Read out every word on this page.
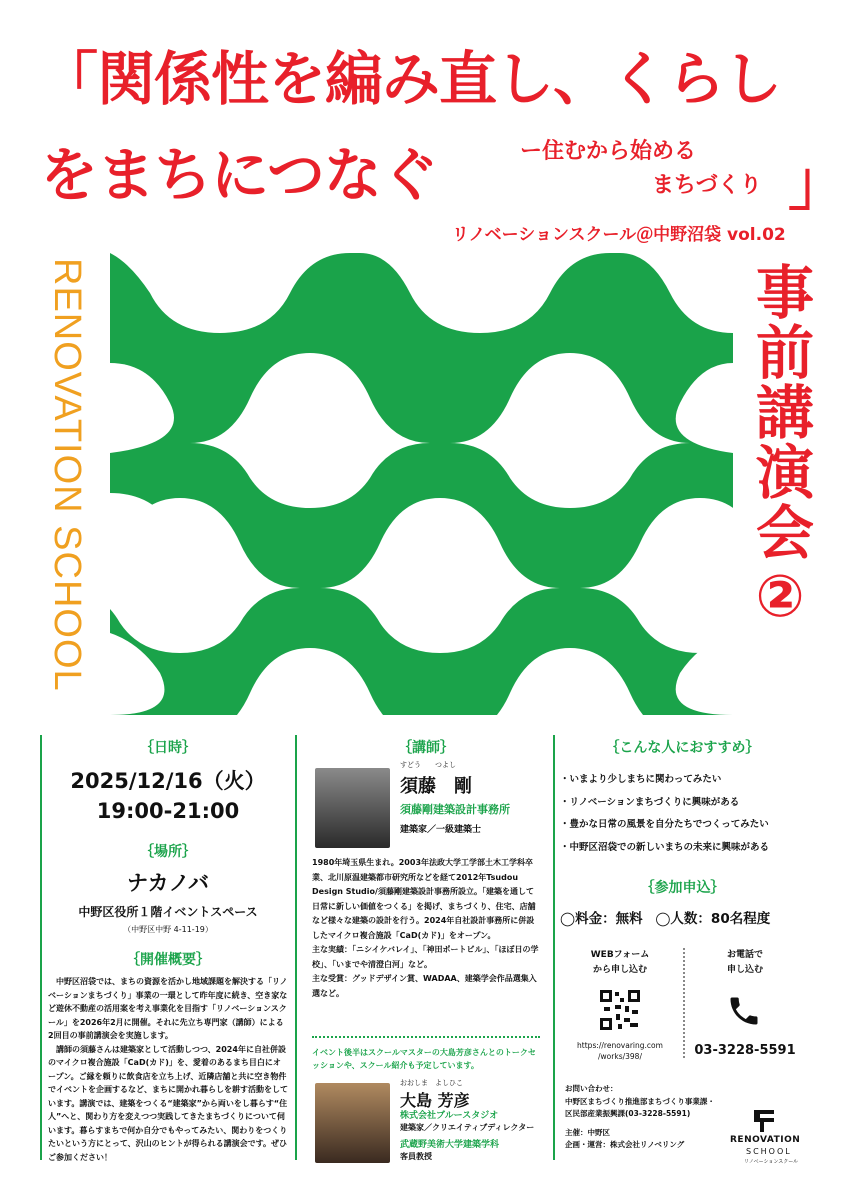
「関係性を編み直し、くらし
をまちにつなぐ	ー住むから始める
まちづくり 」
リノベーションスクール＠中野沼袋 vol.02
RENOVATION SCHOOL	事前講演会②
{{numa}}
｛日時｝
2025/12/16（火）
19:00-21:00
｛場所｝
ナカノバ
中野区役所１階イベントスペース
（中野区中野 4-11-19）
｛開催概要｝
中野区沼袋では、まちの資源を活かし地域課題を解決する「リノベーションまちづくり」事業の一環として昨年度に続き、空き家など遊休不動産の活用案を考え事業化を目指す「リノベーションスクール」を2026年2月に開催。それに先立ち専門家（講師）による2回目の事前講演会を実施します。
講師の須藤さんは建築家として活動しつつ、2024年に自社併設のマイクロ複合施設「CaD(カド)」を、愛着のあるまち目白にオープン。ご縁を頼りに飲食店を立ち上げ、近隣店舗と共に空き物件でイベントを企画するなど、まちに開かれ暮らしを耕す活動をしています。講演では、建築をつくる“建築家”から両いをし暮らす“住人”へと、関わり方を変えつつ実践してきたまちづくりについて伺います。暮らすまちで何か自分でもやってみたい、関わりをつくりたいという方にとって、沢山のヒントが得られる講演会です。ぜひご参加ください！
｛講師｝
すどう　　つよし
須藤　剛
須藤剛建築設計事務所
建築家／一級建築士
1980年埼玉県生まれ。2003年法政大学工学部土木工学科卒業、北川原温建築都市研究所などを経て2012年Tsudou Design Studio/須藤剛建築設計事務所設立。「建築を通して日常に新しい価値をつくる」を掲げ、まちづくり、住宅、店舗など様々な建築の設計を行う。2024年自社設計事務所に併設したマイクロ複合施設「CaD(カド)」をオープン。
主な実績：「ニシイケバレイ」、「神田ポートビル」、「ほぼ日の学校」、「いまでや清澄白河」など。
主な受賞：グッドデザイン賞、WADAA、建築学会作品選集入選など。
イベント後半はスクールマスターの大島芳彦さんとのトークセッションや、スクール紹介も予定しています。
おおしま　よしひこ
大島 芳彦
株式会社ブルースタジオ
建築家／クリエイティブディレクター
武蔵野美術大学建築学科
客員教授
｛こんな人におすすめ｝
・いまより少しまちに関わってみたい
・リノベーションまちづくりに興味がある
・豊かな日常の風景を自分たちでつくってみたい
・中野区沼袋での新しいまちの未来に興味がある
｛参加申込｝
◯料金：無料 ◯人数：80名程度
WEBフォーム
から申し込む
https://renovaring.com
/works/398/
お電話で
申し込む
03-3228-5591
お問い合わせ：
中野区まちづくり推進部まちづくり事業課・
区民部産業振興課(03-3228-5591)
主催：中野区
企画・運営：株式会社リノベリング	RENOVATION
SCHOOL
リノベーションスクール
